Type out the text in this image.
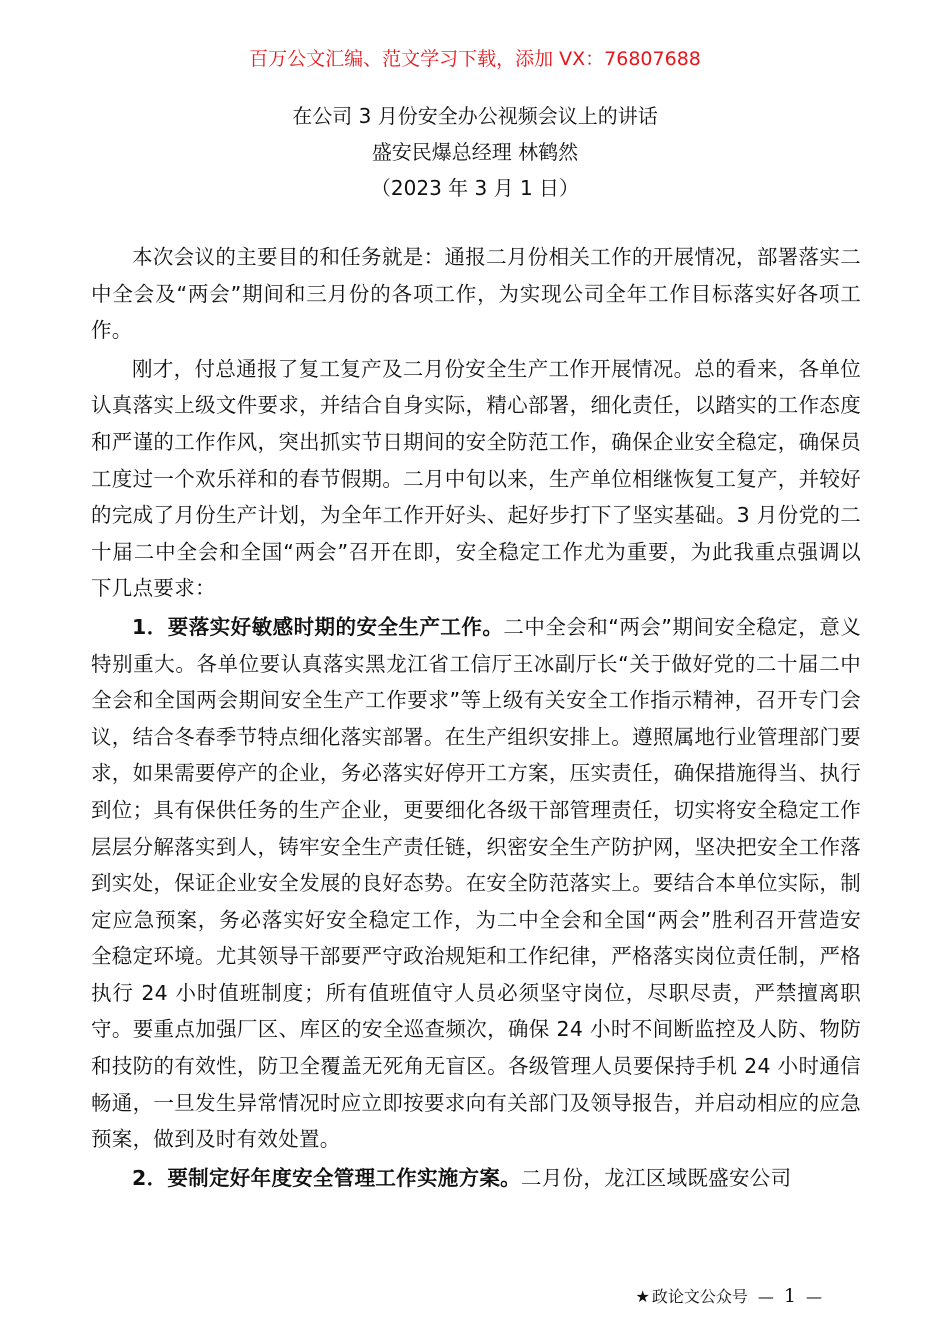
百万公文汇编、范文学习下载，添加 VX：76807688
在公司 3 月份安全办公视频会议上的讲话
盛安民爆总经理 林鹤然
（2023 年 3 月 1 日）

本次会议的主要目的和任务就是：通报二月份相关工作的开展情况，部署落实二中全会及“两会”期间和三月份的各项工作，为实现公司全年工作目标落实好各项工作。

刚才，付总通报了复工复产及二月份安全生产工作开展情况。总的看来，各单位认真落实上级文件要求，并结合自身实际，精心部署，细化责任，以踏实的工作态度和严谨的工作作风，突出抓实节日期间的安全防范工作，确保企业安全稳定，确保员工度过一个欢乐祥和的春节假期。二月中旬以来，生产单位相继恢复工复产，并较好的完成了月份生产计划，为全年工作开好头、起好步打下了坚实基础。3 月份党的二十届二中全会和全国“两会”召开在即，安全稳定工作尤为重要，为此我重点强调以下几点要求：

1．要落实好敏感时期的安全生产工作。二中全会和“两会”期间安全稳定，意义特别重大。各单位要认真落实黑龙江省工信厅王冰副厅长“关于做好党的二十届二中全会和全国两会期间安全生产工作要求”等上级有关安全工作指示精神，召开专门会议，结合冬春季节特点细化落实部署。在生产组织安排上。遵照属地行业管理部门要求，如果需要停产的企业，务必落实好停开工方案，压实责任，确保措施得当、执行到位；具有保供任务的生产企业，更要细化各级干部管理责任，切实将安全稳定工作层层分解落实到人，铸牢安全生产责任链，织密安全生产防护网，坚决把安全工作落到实处，保证企业安全发展的良好态势。在安全防范落实上。要结合本单位实际，制定应急预案，务必落实好安全稳定工作，为二中全会和全国“两会”胜利召开营造安全稳定环境。尤其领导干部要严守政治规矩和工作纪律，严格落实岗位责任制，严格执行 24 小时值班制度；所有值班值守人员必须坚守岗位，尽职尽责，严禁擅离职守。要重点加强厂区、库区的安全巡查频次，确保 24 小时不间断监控及人防、物防和技防的有效性，防卫全覆盖无死角无盲区。各级管理人员要保持手机 24 小时通信畅通，一旦发生异常情况时应立即按要求向有关部门及领导报告，并启动相应的应急预案，做到及时有效处置。

2．要制定好年度安全管理工作实施方案。二月份，龙江区域既盛安公司

★ 政论文公众号 — 1 —
